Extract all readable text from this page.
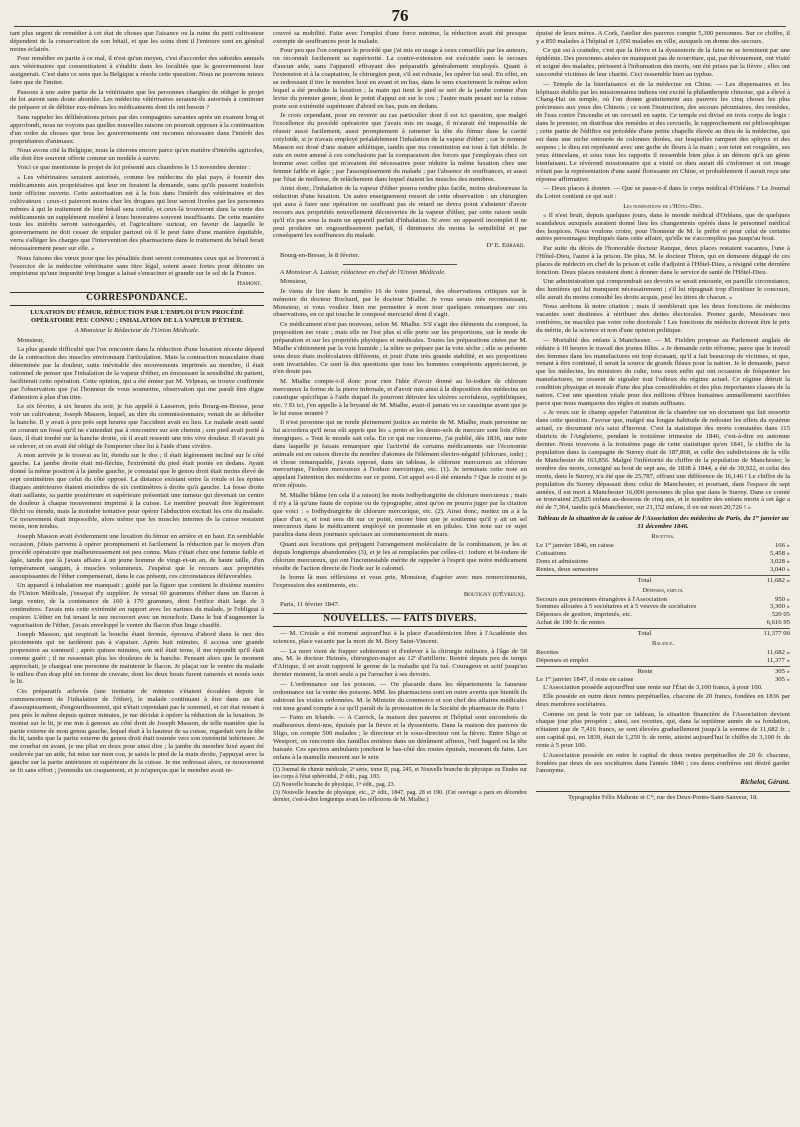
76

tant plus urgent de remédier à cet état de choses que l'aisance ou la ruine du petit cultivateur dépendent de la conservation de son bétail, et que les soins dont il l'entoure sont en général moins éclairés.

Pour remédier en partie à ce mal, il n'est qu'un moyen, c'est d'accorder des subsides annuels aux vétérinaires qui consentiraient à s'établir dans les localités que le gouvernement leur assignerait. C'est dans ce sens que la Belgique a résolu cette question. Nous ne pouvons mieux faire que de l'imiter.

Passons à une autre partie de la vétérinaire que les personnes chargées de rédiger le projet de loi auront sans doute abordée. Les médecins vétérinaires seraient-ils autorisés à continuer de préparer et de débiter eux-mêmes les médicaments dont ils ont besoin ?

Sans rappeler les délibérations prises par des compagnies savantes après un examen long et approfondi, nous ne voyons pas quelles nouvelles raisons on pourrait opposer à la continuation d'un ordre de choses que tous les gouvernements ont reconnu nécessaire dans l'intérêt des propriétaires d'animaux.

Nous avons cité la Belgique, nous la citerons encore parce qu'en matière d'intérêts agricoles, elle doit être souvent offerte comme un modèle à suivre.

Voici ce que mentionne le projet de loi présenté aux chambres le 13 novembre dernier :

« Les vétérinaires seraient autorisés, comme les médecins du plat pays, à fournir des médicaments aux propriétaires qui leur en feraient la demande, sans qu'ils pussent toutefois tenir officine ouverte. Cette autorisation est à la fois dans l'intérêt des vétérinaires et des cultivateurs : ceux-ci paieront moins cher les drogues qui leur seront livrées par les personnes mêmes à qui le traitement de leur bétail sera confié, et ceux-là trouveront dans la vente des médicaments un supplément modéré à leurs honoraires souvent insuffisants. De cette manière tous les intérêts seront sauvegardés, et l'agriculture surtout, en faveur de laquelle le gouvernement ne doit cesser de stipuler partout où il le peut faire d'une manière équitable, verra s'alléger les charges que l'intervention des pharmaciens dans le traitement du bétail ferait nécessairement peser sur elle. »

Nous faisons des vœux pour que les pénalités dont seront communes ceux qui se livreront à l'exercice de la médecine vétérinaire sans titre légal, soient assez fortes pour détruire un empirisme qu'une impunité trop longue a laissé s'enraciner et grandir sur le sol de la France.

Hamont.
CORRESPONDANCE.
LUXATION DU FÉMUR, RÉDUCTION PAR L'EMPLOI D'UN PROCÉDÉ OPÉRATOIRE PEU CONNU ; INHALATION DE LA VAPEUR D'ÉTHER.

A Monsieur le Rédacteur de l'Union Médicale.

Monsieur,

La plus grande difficulté que l'on rencontre dans la réduction d'une luxation récente dépend de la contraction des muscles environnant l'articulation. Mais la contraction musculaire étant déterminée par la douleur, suite inévitable des mouvements imprimés au membre, il était rationnel de penser que l'inhalation de la vapeur d'éther, en émoussant la sensibilité du patient, faciliterait cette opération. Cette opinion, qui a été émise par M. Velpeau, se trouve confirmée par l'observation que j'ai l'honneur de vous soumettre, observation qui me paraît être digne d'attention à plus d'un titre.

Le six février, à six heures du soir, je fus appelé à Lasseron, près Bourg-en-Bresse, pour voir un cultivateur, Joseph Masson, lequel, au dire du commissionnaire, venait de se déboîter la hanche. Il y avait à peu près sept heures que l'accident avait eu lieu. Le malade avait sauté en courant un fossé qu'il ne s'attendait pas à rencontrer sur son chemin ; son pied avait porté à faux, il était tombé sur la hanche droite, où il avait ressenti une très vive douleur. Il n'avait pu se relever, et on avait été obligé de l'emporter chez lui à l'aide d'une civière.

A mon arrivée je le trouvai au lit, étendu sur le dos ; il était légèrement incliné sur le côté gauche. La jambe droite était mi-fléchie, l'extrémité du pied était portée en dedans. Ayant donné la même position à la jambe gauche, je constatai que le genou droit était moins élevé de sept centimètres que celui du côté opposé. La distance existant entre la rotule et les épines iliaques antérieures étaient moindres de six centimètres à droite qu'à gauche. La fesse droite était saillante, sa partie postérieure et supérieure présentait une tumeur qui devenait un centre de douleur à chaque mouvement imprimé à la cuisse. Le membre pouvait être légèrement fléchi ou étendu, mais la moindre tentative pour opérer l'abduction excitait les cris du malade. Ce mouvement était impossible, alors même que les muscles internes de la cuisse restaient mous, non tendus.

Joseph Masson avait évidemment une luxation du fémur en arrière et en haut. En semblable occasion, j'étais parvenu à opérer promptement et facilement la réduction par le moyen d'un procédé opératoire que malheureusement est peu connu. Mais c'était chez une femme faible et âgée, tandis que là j'avais affaire à un jeune homme de vingt-et-un an, de haute taille, d'un tempérament sanguin, à muscles volumineux. J'espérai que le recours aux propriétés assoupissantes de l'éther compenserait, dans le cas présent, ces circonstances défavorables.

Un appareil à inhalation me manquait ; guidé par la figure que contient le dixième numéro de l'Union Médicale, j'essayai d'y suppléer. Je versai 60 grammes d'éther dans un flacon à large ventre, de la contenance de 160 à 170 grammes, dont l'orifice était large de 3 centimètres. J'avais mis cette extrémité en rapport avec les narines du malade, je l'obligeai à respirer. L'éther en fut tenant le nez recouvert avec un mouchoir. Dans le but d'augmenter la vaporisation de l'éther, j'avais enveloppé le ventre du flacon d'un linge chauffé.

Joseph Masson, qui respirait la bouche étant fermée, éprouva d'abord dans le nez des picotements qui ne tardèrent pas à s'apaiser. Après huit minutes, il accusa une grande propension au sommeil ; après quinze minutes, son œil était terne, il me répondit qu'il était comme guéri ; il ne ressentait plus les douleurs de la hanche. Pensant alors que le moment approchait, je chargeai une personne de maintenir le flacon. Je plaçai sur le ventre du malade le milieu d'un drap plié en forme de cravate, dont les deux bouts furent ramenés et noués sous le lit.

Ces préparatifs achevés (une trentaine de minutes s'étaient écoulées depuis le commencement de l'inhalation de l'éther), le malade continuant à être dans un état d'assoupissement, d'engourdissement, qui n'était cependant pas le sommeil, et cet état restant à peu près le même depuis quinze minutes, je me décidai à opérer la réduction de la luxation. Je montai sur le lit, je me mis à genoux au côté droit de Joseph Masson, de telle manière que la partie externe de mon genou gauche, lequel était à la hauteur de sa cuisse, regardait vers la tête du lit, tandis que la partie externe du genou droit était tournée vers son extrémité inférieure. Je me courbai en avant, je me pliai en deux pour ainsi dire ; la jambe du membre luxé ayant été soulevée par un aide, fut mise sur mon cou, je saisis le pied de la main droite, j'appuyai avec la gauche sur la partie antérieure et supérieure de la cuisse. Je me redressai alors, ce mouvement se fit sans effort ; j'entendis un craquement, et je m'aperçus que le membre avait re-

couvré sa mobilité. Faite avec l'emploi d'une force minime, la réduction avait été presque exempte de souffrances pour le malade.

Pour peu que l'on compare le procédé que j'ai mis en usage à ceux conseillés par les auteurs, on reconnaît facilement sa supériorité. La contre-extension est exécutée sans le secours d'aucun aide, sans l'appareil effrayant des préparatifs généralement employés. Quant à l'extension et à la coaptation, le chirurgien peut, s'il est robuste, les opérer lui seul. En effet, en se redressant il tire le membre luxé en avant et en bas, dans le sens exactement le même selon lequel a été produite la luxation ; la main qui tient le pied se sert de la jambe comme d'un levier du premier genre, dont le point d'appui est sur le cou ; l'autre main pesant sur la cuisse porte son extrémité supérieure d'abord en bas, puis en dedans.

Je crois cependant, pour en revenir au cas particulier dont il est ici question, que malgré l'excellence du procédé opératoire que j'avais mis en usage, il m'aurait été impossible de réussir aussi facilement, aussi promptement à ramener la tête du fémur dans la cavité cotyloïde, si je n'avais employé préalablement l'inhalation de la vapeur d'éther ; car le nommé Masson est doué d'une stature athlétique, tandis que ma constitution est tout à fait débile. Je suis en outre amené à ces conclusions par la comparaison des forces que j'employais chez cet homme avec celles qui m'avaient été nécessaires pour réduire la même luxation chez une femme faible et âgée ; par l'assoupissement du malade ; par l'absence de souffrances, et aussi par l'état de mollesse, de relâchement dans lequel étaient les muscles des membres.

Ainsi donc, l'inhalation de la vapeur d'éther pourra rendre plus facile, moins douloureuse la réduction d'une luxation. Un autre enseignement ressort de cette observation : un chirurgien qui aura à faire une opération ne souffrant pas de retard ne devra point s'abstenir d'avoir recours aux propriétés nouvellement découvertes de la vapeur d'éther, par cette raison seule qu'il n'a pas sous la main un appareil parfait d'inhalation. Si avec un appareil incomplet il ne peut produire un engourdissement parfait, il diminuera du moins la sensibilité et par conséquent les souffrances du malade.

Dʳ E. Ebrard.

Bourg-en-Bresse, le 8 février.

A Monsieur A. Latour, rédacteur en chef de l'Union Médicale.

Monsieur,

Je viens de lire dans le numéro 16 de votre journal, des observations critiques sur le mémoire du docteur Rochard, par le docteur Mialhe. Je vous serais très reconnaissant, Monsieur, si vous vouliez bien me permettre à mon tour quelques remarques sur ces observations, en ce qui touche le composé mercuriel dont il s'agit.

Ce médicament n'est pas nouveau, selon M. Mialhe. S'il s'agit des éléments du composé, la proposition est vraie ; mais elle ne l'est plus si elle porte sur les proportions, sur le mode de préparation et sur les propriétés physiques et médicales. Toutes les préparations citées par M. Mialhe s'obtiennent par la voie humide ; la nôtre se prépare par la voie sèche ; elle se présente sous deux états moléculaires différents, et jouit d'une très grande stabilité, et ses proportions sont invariables. Ce sont là des questions que tous les hommes compétents apprécieront, je n'en doute pas.

M. Mialhe compte-t-il donc pour rien l'idée d'avoir donné au bi-iodure de chlorure mercureux la forme de la pierre infernale, et d'avoir mis ainsi à la disposition des médecins un caustique spécifique à l'aide duquel ils pourront détruire les ulcères scrofuleux, syphilitiques, etc. ? Et ici, j'en appelle à la bryanté de M. Mialhe, avait-il jamais vu ce caustique avant que je le lui eusse montré ?

Il n'est personne qui ne rende pleinement justice au mérite de M. Mialhe, mais personne ne lui accordera qu'il nous eût appris que les « proto et les deuto-sels de mercure sont loin d'être énergiques. » Tout le monde sait cela. En ce qui me concerne, j'ai publié, dès 1836, une note dans laquelle je faisais remarquer que l'activité de certains médicaments sur l'économie animale est en raison directe du nombre d'atomes de l'élément électro-négatif (chlorure, iode) ; et chose remarquable, j'avais opposé, dans un tableau, le chlorure mercureux au chlorure mercurique, l'iodure mercureux à l'iodure mercurique, etc. (1). Je terminais cette note en appelant l'attention des médecins sur ce point. Cet appel a-t-il été entendu ? Que le croire et je m'en réjouis.

M. Mialhe blâme (en cela il a raison) les mots iodhydrargirite de chlorure mercureux ; mais il n'y a là qu'une faute de copiste ou de typographe, ainsi qu'on en pourra juger par la citation que voici : « Iodhydrargirite de chlorure mercurique, etc. (2). Ainsi donc, mettez un a à la place d'un e, et tout sera dit sur ce point, encore bien que je soutienne qu'il y ait un sel mercureux dans le médicament employé en pommade et en pilules. Une note sur ce sujet paraîtra dans deux journaux spéciaux au commencement de mars.

Quant aux locutions qui préjugent l'arrangement moléculaire de la combinaison, je les ai depuis longtemps abandonnées (3), et je les ai remplacées par celles-ci : iodure et bi-iodure de chlorure mercureux, qui ont l'incontestable mérite de rappeler à l'esprit que notre médicament résulte de l'action directe de l'iode sur le calomel.

Je borne là mes réflexions et vous prie, Monsieur, d'agréer avec mes remerciements, l'expression des sentiments, etc.

Boutigny (d'Évreux).

Paris, 11 février 1847.

NOUVELLES. — FAITS DIVERS.

— M. Civiale a été nommé aujourd'hui à la place d'académicien libre à l'Académie des sciences, place vacante par la mort de M. Bory Saint-Vincent.

— La mort vient de frapper subitement et d'enlever à la chirurgie militaire, à l'âge de 58 ans, M. le docteur Heimès, chirurgien-major au 12ᵉ d'artillerie. Rentré depuis peu de temps d'Afrique, il en avait rapporté le germe de la maladie qui l'a tué. Courageux et actif jusqu'au dernier moment, la mort seule a pu l'arracher à ses devoirs.

— L'ordonnance sur les poisons. — On placarde dans les départements la fameuse ordonnance sur la vente des poisons. MM. les pharmaciens sont en outre avertis que bientôt ils subiront les visites ordonnées. M. le Ministre du commerce et son chef des affaires médicales ont tenu grand compte à ce qu'il paraît de la protestation de la Société de pharmacie de Paris !

— Faim en Irlande. — A Carrick, la maison des pauvres et l'hôpital sont encombrés de malheureux demi-nus, épuisés par la fièvre et la dyssenterie. Dans la maison des pauvres de Sligo, on compte 500 malades ; le directeur et le sous-directeur ont la fièvre. Entre Sligo et Westport, on rencontre des familles entières dans un dénûment affreux, l'œil hagard ou la tête baissée. Ces spectres ambulants jonchent le bas-côté des routes épuisés, mourant de faim. Les enfans à la mamelle meurent sur le sein

(1) Journal de chimie médicale, 2ᵉ série, tome II, pag. 245, et Nouvelle branche de physique ou Études sur les corps à l'état sphéroïdal, 2ᵉ édit., pag. 183.

(2) Nouvelle branche de physique, 1ʳᵉ édit., pag. 23.

(3) Nouvelle branche de physique, etc., 2ᵉ édit., 1847, pag. 28 et 190. (Cet ouvrage a paru en décembre dernier, c'est-à-dire longtemps avant les réflexions de M. Mialhe.)

épuisé de leurs mères. A Cork, l'atelier des pauvres compte 5,300 personnes. Sur ce chiffre, il y a 850 malades à l'hôpital et 1,050 malades en ville, auxquels on donne des secours.

Ce qui est à craindre, c'est que la fièvre et la dyssenterie de la faim ne se terminent par une épidémie. Des personnes aisées ne manquent pas de nourriture, qui, par dévouement, ont visité et soigné des malades, périssent à l'inhumation des morts, ont été prises par la fièvre ; elles ont succombé victimes de leur charité. Ceci ressemble bien au typhus.

— Temple de la bienfaisance et de la médecine en Chine. — Les dispensaires et les hôpitaux établis par les missionnaires indiens ont excité la philanthropie chinoise, qui a élevé à Chang-Hai un temple, où l'on donne gratuitement aux pauvres les cinq choses les plus précieuses aux yeux des Chinois ; ce sont l'instruction, des secours pécuniaires, des remèdes, de l'eau contre l'incendie et un cercueil en sapin. Ce temple est divisé en trois corps de logis : dans le premier, on distribue des remèdes et des cercueils, le rapprochement est philosophique ; cette partie de l'édifice est précédée d'une petite chapelle élevée au dieu de la médecine, qui est dans une niche entourée de colonnes dorées, sur lesquelles rampent des sphynx et des serpens ; le dieu est représenté avec une gerbe de fleurs à la main ; son teint est rougeâtre, ses yeux étincelans, et sous tous les rapports il ressemble bien plus à un démon qu'à un génie bienfaisant. Le révérend missionnaire qui a visité ce dieu aurait dû s'informer si cet image n'était pas la représentation d'une santé florissante en Chine, et probablement il aurait reçu une réponse affirmative.

— Deux places à donner. — Que se passe-t-il dans le corps médical d'Orléans ? Le Journal du Loiret contient ce qui suit :

Les nominations de l'Hôtel-Dieu.

« Il n'est bruit, depuis quelques jours, dans le monde médical d'Orléans, que de quelques scandaleux auxquels auraient donné lieu les changements opérés dans le personnel médical des hospices. Nous voulons croire, pour l'honneur de M. le préfet et pour celui de certains autres personnages impliqués dans cette affaire, qu'elle ne s'accomplira pas jusqu'au bout.

Par suite du décès de l'honorable docteur Ranque, deux places restaient vacantes, l'une à l'Hôtel-Dieu, l'autre à la prison. De plus, M. le docteur Thion, qui en demeure dégagé de ces places de médecin en chef de la prison et celle d'adjoint à l'Hôtel-Dieu, a résigné cette dernière fonction. Deux places restaient donc à donner dans le service de santé de l'Hôtel-Dieu.

Une administration qui comprendrait ses devoirs se serait entourée, en pareille circonstance, des lumières qui lui manquent nécessairement ; s'il lui répugnait trop d'instituer le concours, elle aurait du moins consulté les droits acquis, pesé les titres de chacun. »

Nous arrêtons là notre citation ; mais il semblerait que les deux fonctions de médecins vacantes sont destinées à rétribuer des dettes électorales. Prenez garde, Messieurs nos confrères, ne maculez pas votre robe doctorale ! Les fonctions de médecin doivent être le prix du mérite, de la science et non d'une opinion politique.

— Mortalité des enfans à Manchester. — M. Fielden propose au Parlement anglais de réduire à 10 heures le travail des jeunes filles. « Je demande cette réforme, parce que le travail des femmes dans les manufactures est trop écrasant, qu'il a fait beaucoup de victimes, et que, venant à être continué, il serait la source de grands fléaux pour la nation. Je le demande, parce que les médecins, les ministres du culte, tous ceux enfin qui ont occasion de fréquenter les manufactures, ne cessent de signaler tout l'odieux du régime actuel. Ce régime détruit la condition physique et morale d'une des plus considérables et des plus importantes classes de la nation. C'est une question vitale pour des millions d'êtres humaines annuellement sacrifiées parce que nous manquons des règles et statuts suffisans.

« Je veux sur le champ appeler l'attention de la chambre sur un document qui fait ressortir dans cette question. J'avoue que, malgré ma longue habitude de redouter les effets du système actuel, ce document m'a saisi d'horreur. C'est la statistique des morts constatées dans 115 districts de l'Angleterre, pendant le troisième trimestre de 1846, c'est-à-dire en automne dernier. Nous trouvons à la troisième page de cette statistique qu'en 1841, le chiffre de la population dans la campagne de Surrey était de 187,868, et celle des subdivisions de la ville de Manchester de 163,856. Malgré l'infériorité du chiffre de la population de Manchester, le nombre des morts, consigné au bout de sept ans, de 1838 à 1844, a été de 39,922, et celui des morts, dans le Surrey, n'a été que de 25,787, offrant une différence de 16,146 ! Le chiffre de la population du Surrey dépassait donc celui de Manchester, et pourtant, dans l'espace de sept années, il est mort à Manchester 16,000 personnes de plus que dans le Surrey. Dans ce comté se trouvaient 25,825 enfans au-dessous de cinq ans, et le nombre des enfans morts à cet âge a été de 7,364, tandis qu'à Manchester, sur 21,152 enfans, il en est mort 20,726 ! »

Tableau de la situation de la caisse de l'Association des médecins de Paris, du 1ᵉʳ janvier au 31 décembre 1846.
Recettes.
Le 1ᵉʳ janvier 1846, en caisse	166 »
Cotisations	5,458 »
Dons et admissions	3,028 »
Rentes, deux semestres	3,040 »
Total	11,682 »
Dépenses, emploi.
Secours aux personnes étrangères à l'Association	950 »
Sommes allouées à 5 sociétaires et à 5 veuves de sociétaires	3,300 »
Dépenses de gestion, imprimés, etc.	520 05
Achat de 190 fr. de rentes	6,616 95
Total	11,377 00
Balance.
Recettes	11,682 »
Dépenses et emploi	11,377 »
Reste	305 »
Le 1ᵉʳ janvier 1847, il reste en caisse	305 »

L'Association possède aujourd'hui une rente sur l'État de 3,100 francs, à pour 100.

Elle possède en outre deux rentes perpétuelles, chacune de 20 francs, fondées en 1836 par deux membres sociétaires.

Comme on peut le voir par ce tableau, la situation financière de l'Association devient chaque jour plus prospère ; ainsi, ses recettes, qui, dans la septième année de sa fondation, n'étaient que de 7,416 francs, se sont élevées graduellement jusqu'à la somme de 11,682 fr. ; son capital qui, en 1839, était de 1,250 fr. de rente, atteint aujourd'hui le chiffre de 3,100 fr. de rente à 5 pour 100.

L'Association possède en outre le capital de deux rentes perpétuelles de 20 fr. chacune, fondées par deux de ses sociétaires dans l'année 1846 ; ces deux confrères ont désiré garder l'anonyme.

Richelot, Gérant.
Typographie Félix Malteste et Cⁱᵉ, rue des Deux-Portes-Saint-Sauveur, 18.
